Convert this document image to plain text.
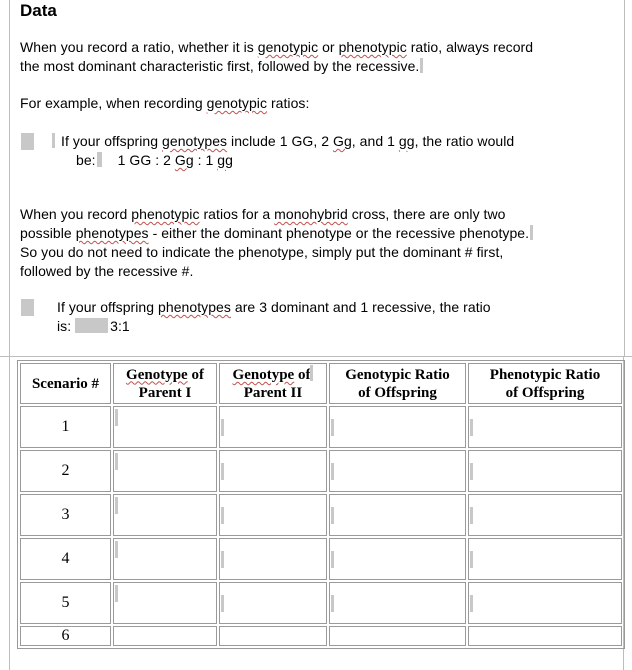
Data
When you record a ratio, whether it is genotypic or phenotypic ratio, always record
the most dominant characteristic first, followed by the recessive.
For example, when recording genotypic ratios:
If your offspring genotypes include 1 GG, 2 Gg, and 1 gg, the ratio would
be: 1 GG : 2 Gg : 1 gg
When you record phenotypic ratios for a monohybrid cross, there are only two
possible phenotypes - either the dominant phenotype or the recessive phenotype.
So you do not need to indicate the phenotype, simply put the dominant # first,
followed by the recessive #.
If your offspring phenotypes are 3 dominant and 1 recessive, the ratio
is:	3:1
Scenario #	Genotype of
Parent I	Genotype of
Parent II	Genotypic Ratio
of Offspring	Phenotypic Ratio
of Offspring
1	

2	

3	

4	

5	

6				
